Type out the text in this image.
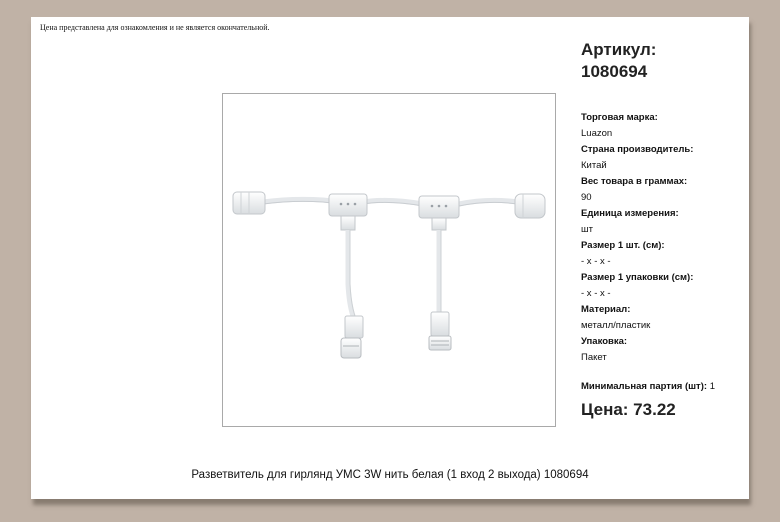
Цена представлена для ознакомления и не является окончательной.
Артикул:
1080694
Торговая марка:
Luazon
Страна производитель:
Китай
Вес товара в граммах:
90
Единица измерения:
шт
Размер 1 шт. (см):
- x - x -
Размер 1 упаковки (см):
- x - x -
Материал:
металл/пластик
Упаковка:
Пакет
Минимальная партия (шт): 1
Цена: 73.22
Разветвитель для гирлянд УМС 3W нить белая (1 вход 2 выхода) 1080694
